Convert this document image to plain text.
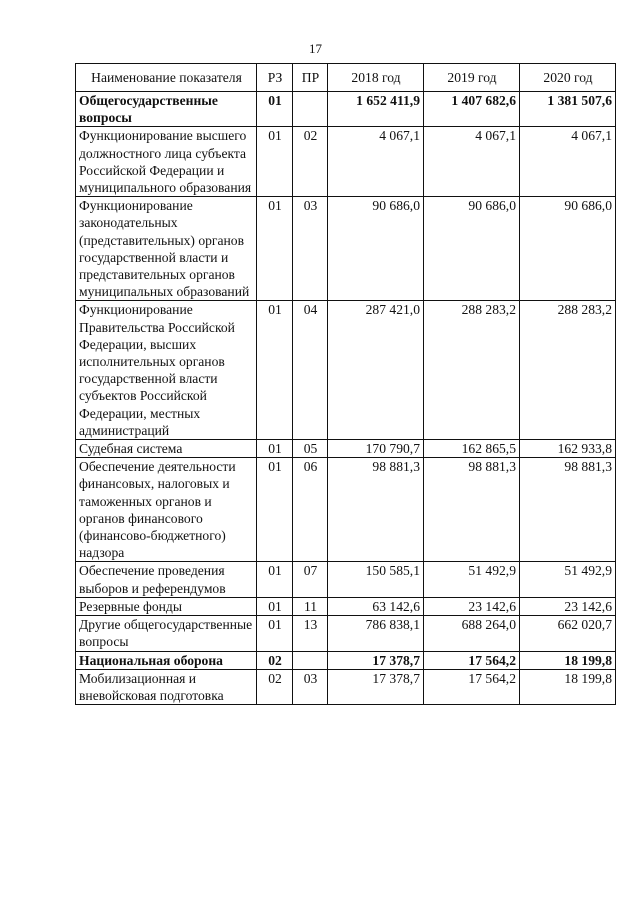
17
Наименование показателя	РЗ	ПР	2018 год	2019 год	2020 год
Общегосударственные вопросы	01		1 652 411,9	1 407 682,6	1 381 507,6
Функционирование высшего должностного лица субъекта Российской Федерации и муниципального образования	01	02	4 067,1	4 067,1	4 067,1
Функционирование законодательных (представительных) органов государственной власти и представительных органов муниципальных образований	01	03	90 686,0	90 686,0	90 686,0
Функционирование Правительства Российской Федерации, высших исполнительных органов государственной власти субъектов Российской Федерации, местных администраций	01	04	287 421,0	288 283,2	288 283,2
Судебная система	01	05	170 790,7	162 865,5	162 933,8
Обеспечение деятельности финансовых, налоговых и таможенных органов и органов финансового (финансово-бюджетного) надзора	01	06	98 881,3	98 881,3	98 881,3
Обеспечение проведения выборов и референдумов	01	07	150 585,1	51 492,9	51 492,9
Резервные фонды	01	11	63 142,6	23 142,6	23 142,6
Другие общегосударственные вопросы	01	13	786 838,1	688 264,0	662 020,7
Национальная оборона	02		17 378,7	17 564,2	18 199,8
Мобилизационная и вневойсковая подготовка	02	03	17 378,7	17 564,2	18 199,8
